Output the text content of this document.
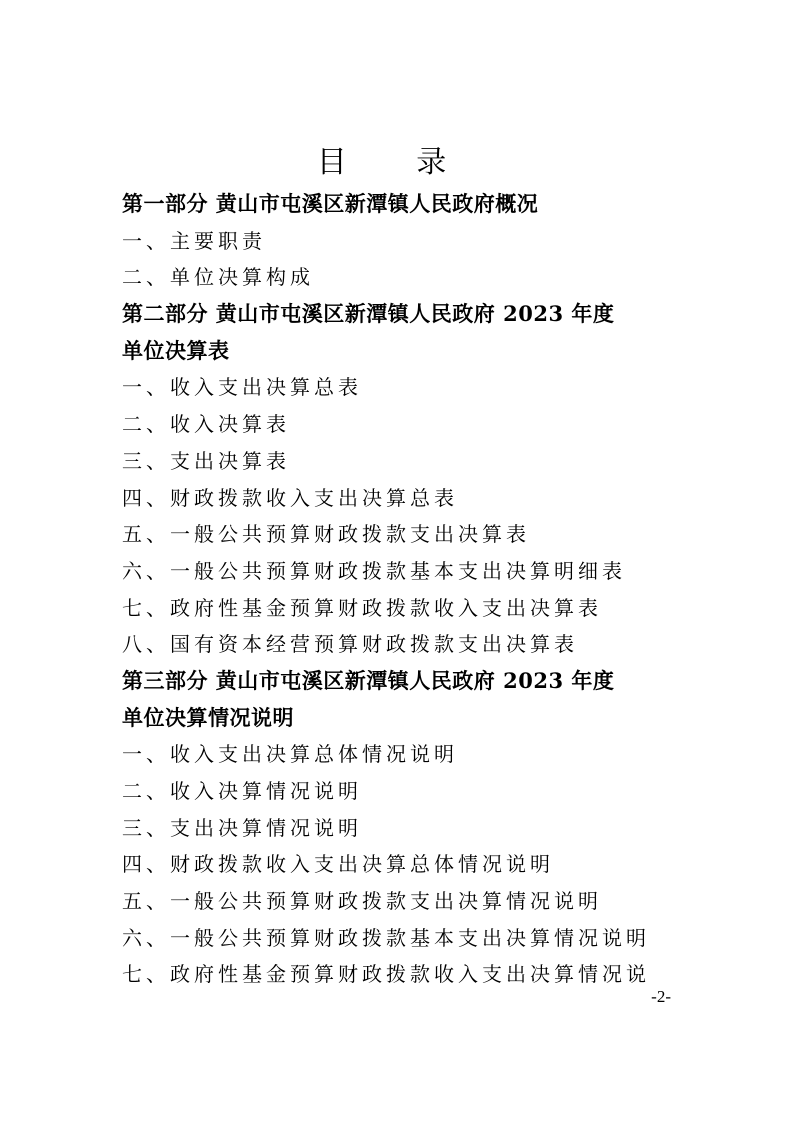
目 录
第一部分 黄山市屯溪区新潭镇人民政府概况
一、主要职责
二、单位决算构成
第二部分 黄山市屯溪区新潭镇人民政府 2023 年度
单位决算表
一、收入支出决算总表
二、收入决算表
三、支出决算表
四、财政拨款收入支出决算总表
五、一般公共预算财政拨款支出决算表
六、一般公共预算财政拨款基本支出决算明细表
七、政府性基金预算财政拨款收入支出决算表
八、国有资本经营预算财政拨款支出决算表
第三部分 黄山市屯溪区新潭镇人民政府 2023 年度
单位决算情况说明
一、收入支出决算总体情况说明
二、收入决算情况说明
三、支出决算情况说明
四、财政拨款收入支出决算总体情况说明
五、一般公共预算财政拨款支出决算情况说明
六、一般公共预算财政拨款基本支出决算情况说明
七、政府性基金预算财政拨款收入支出决算情况说
-2-
